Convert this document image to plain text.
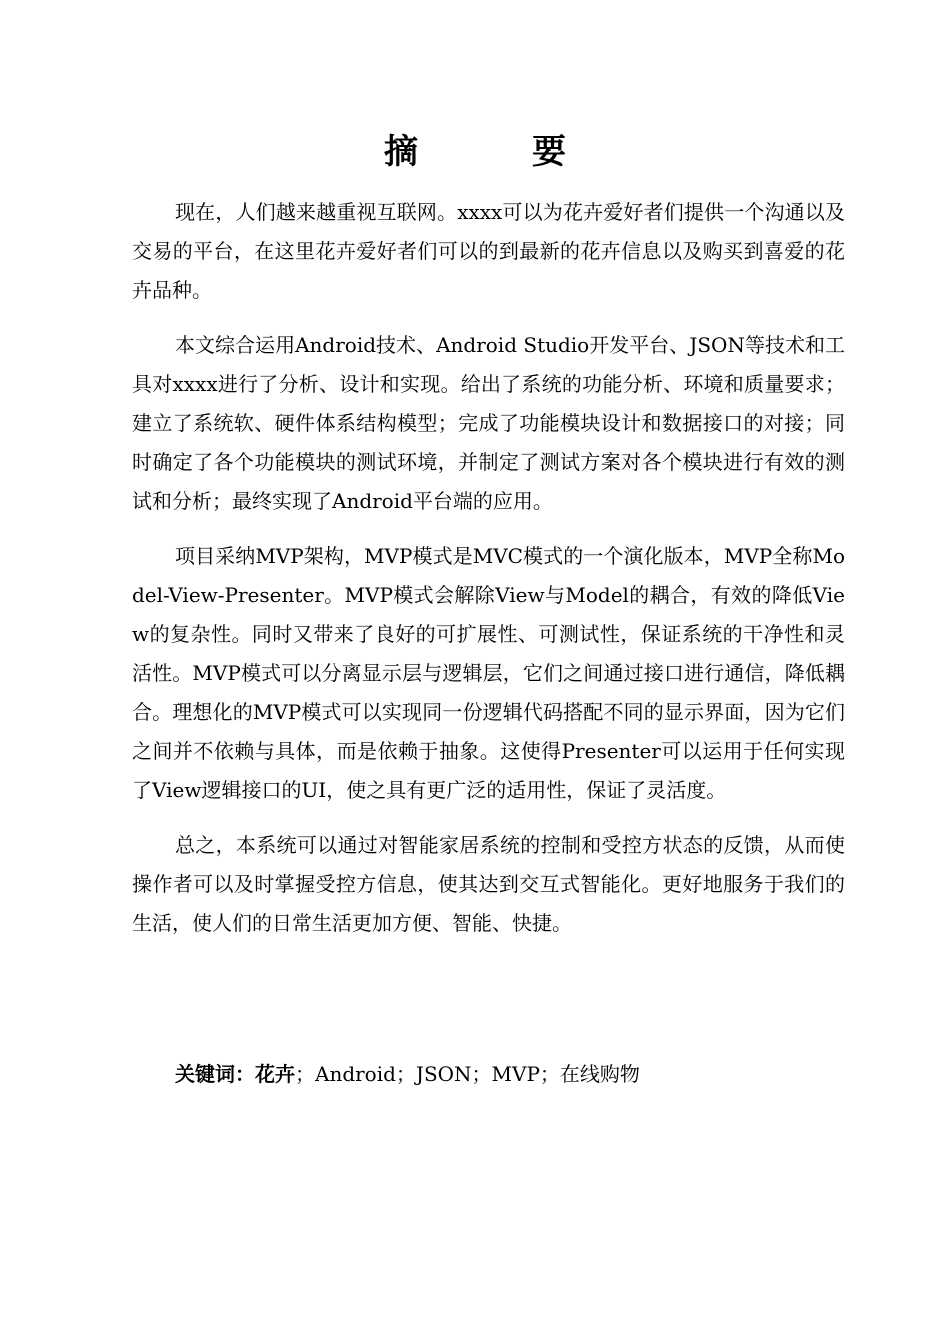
摘　要

现在，人们越来越重视互联网。xxxx可以为花卉爱好者们提供一个沟通以及交易的平台，在这里花卉爱好者们可以的到最新的花卉信息以及购买到喜爱的花卉品种。

本文综合运用Android技术、Android Studio开发平台、JSON等技术和工具对xxxx进行了分析、设计和实现。给出了系统的功能分析、环境和质量要求；建立了系统软、硬件体系结构模型；完成了功能模块设计和数据接口的对接；同时确定了各个功能模块的测试环境，并制定了测试方案对各个模块进行有效的测试和分析；最终实现了Android平台端的应用。

项目采纳MVP架构，MVP模式是MVC模式的一个演化版本，MVP全称Model-View-Presenter。MVP模式会解除View与Model的耦合，有效的降低View的复杂性。同时又带来了良好的可扩展性、可测试性，保证系统的干净性和灵活性。MVP模式可以分离显示层与逻辑层，它们之间通过接口进行通信，降低耦合。理想化的MVP模式可以实现同一份逻辑代码搭配不同的显示界面，因为它们之间并不依赖与具体，而是依赖于抽象。这使得Presenter可以运用于任何实现了View逻辑接口的UI，使之具有更广泛的适用性，保证了灵活度。

总之，本系统可以通过对智能家居系统的控制和受控方状态的反馈，从而使操作者可以及时掌握受控方信息，使其达到交互式智能化。更好地服务于我们的生活，使人们的日常生活更加方便、智能、快捷。

关键词：花卉；Android；JSON；MVP；在线购物
